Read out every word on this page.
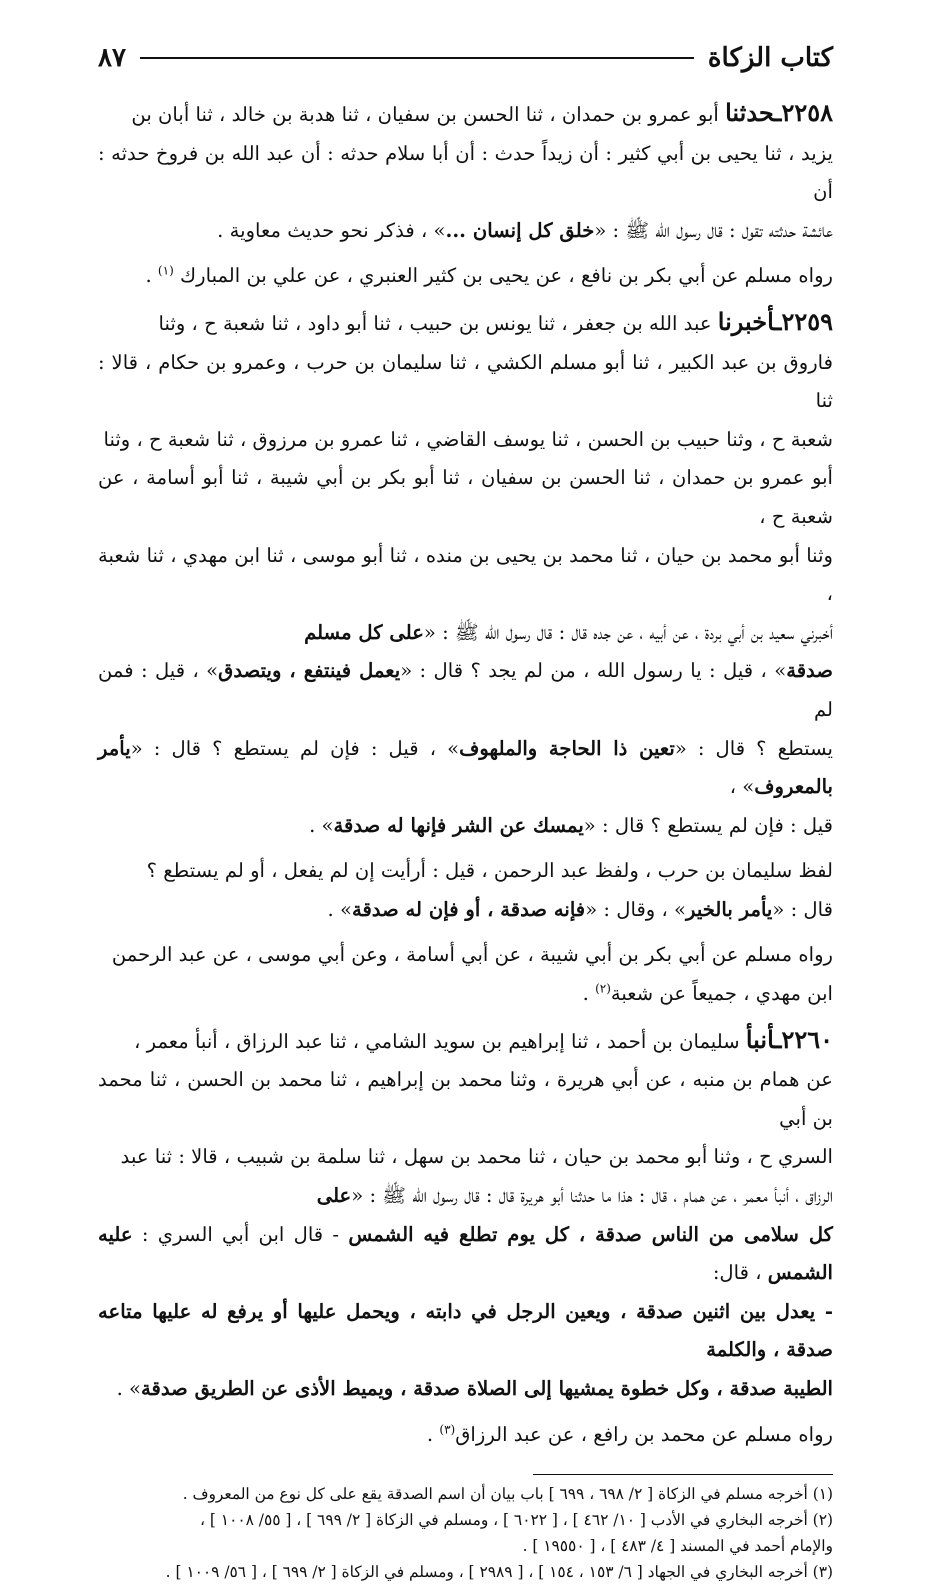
كتاب الزكاة
٨٧

٢٢٥٨ـحدثنا أبو عمرو بن حمدان ، ثنا الحسن بن سفيان ، ثنا هدبة بن خالد ، ثنا أبان بن

يزيد ، ثنا يحيى بن أبي كثير : أن زيداً حدث : أن أبا سلام حدثه : أن عبد الله بن فروخ حدثه : أن

عائشة حدثته تقول : قال رسول الله ﷺ : «خلق كل إنسان ...» ، فذكر نحو حديث معاوية .

رواه مسلم عن أبي بكر بن نافع ، عن يحيى بن كثير العنبري ، عن علي بن المبارك $^{(١)}$ .

٢٢٥٩ـأخبرنا عبد الله بن جعفر ، ثنا يونس بن حبيب ، ثنا أبو داود ، ثنا شعبة ح ، وثنا

فاروق بن عبد الكبير ، ثنا أبو مسلم الكشي ، ثنا سليمان بن حرب ، وعمرو بن حكام ، قالا : ثنا

شعبة ح ، وثنا حبيب بن الحسن ، ثنا يوسف القاضي ، ثنا عمرو بن مرزوق ، ثنا شعبة ح ، وثنا

أبو عمرو بن حمدان ، ثنا الحسن بن سفيان ، ثنا أبو بكر بن أبي شيبة ، ثنا أبو أسامة ، عن شعبة ح ،

وثنا أبو محمد بن حيان ، ثنا محمد بن يحيى بن منده ، ثنا أبو موسى ، ثنا ابن مهدي ، ثنا شعبة ،

أخبرني سعيد بن أبي بردة ، عن أبيه ، عن جده قال : قال رسول الله ﷺ : «على كل مسلم

صدقة» ، قيل : يا رسول الله ، من لم يجد ؟ قال : «يعمل فينتفع ، ويتصدق» ، قيل : فمن لم

يستطع ؟ قال : «تعين ذا الحاجة والملهوف» ، قيل : فإن لم يستطع ؟ قال : «يأمر بالمعروف» ،

قيل : فإن لم يستطع ؟ قال : «يمسك عن الشر فإنها له صدقة» .

لفظ سليمان بن حرب ، ولفظ عبد الرحمن ، قيل : أرأيت إن لم يفعل ، أو لم يستطع ؟

قال : «يأمر بالخير» ، وقال : «فإنه صدقة ، أو فإن له صدقة» .

رواه مسلم عن أبي بكر بن أبي شيبة ، عن أبي أسامة ، وعن أبي موسى ، عن عبد الرحمن

ابن مهدي ، جميعاً عن شعبة$^{(٢)}$ .

٢٢٦٠ـأنبأ سليمان بن أحمد ، ثنا إبراهيم بن سويد الشامي ، ثنا عبد الرزاق ، أنبأ معمر ،

عن همام بن منبه ، عن أبي هريرة ، وثنا محمد بن إبراهيم ، ثنا محمد بن الحسن ، ثنا محمد بن أبي

السري ح ، وثنا أبو محمد بن حيان ، ثنا محمد بن سهل ، ثنا سلمة بن شبيب ، قالا : ثنا عبد

الرزاق ، أنبأ معمر ، عن همام ، قال : هذا ما حدثنا أبو هريرة قال : قال رسول الله ﷺ : «على

كل سلامى من الناس صدقة ، كل يوم تطلع فيه الشمس - قال ابن أبي السري : عليه الشمس ، قال:

- يعدل بين اثنين صدقة ، ويعين الرجل في دابته ، ويحمل عليها أو يرفع له عليها متاعه صدقة ، والكلمة

الطيبة صدقة ، وكل خطوة يمشيها إلى الصلاة صدقة ، ويميط الأذى عن الطريق صدقة» .

رواه مسلم عن محمد بن رافع ، عن عبد الرزاق$^{(٣)}$ .

(١) أخرجه مسلم في الزكاة [ ٢/ ٦٩٨ ، ٦٩٩ ] باب بيان أن اسم الصدقة يقع على كل نوع من المعروف .

(٢) أخرجه البخاري في الأدب [ ١٠/ ٤٦٢ ] ، [ ٦٠٢٢ ] ، ومسلم في الزكاة [ ٢/ ٦٩٩ ] ، [ ٥٥/ ١٠٠٨ ] ،

والإمام أحمد في المسند [ ٤/ ٤٨٣ ] ، [ ١٩٥٥٠ ] .

(٣) أخرجه البخاري في الجهاد [ ٦/ ١٥٣ ، ١٥٤ ] ، [ ٢٩٨٩ ] ، ومسلم في الزكاة [ ٢/ ٦٩٩ ] ، [ ٥٦/ ١٠٠٩ ] .
